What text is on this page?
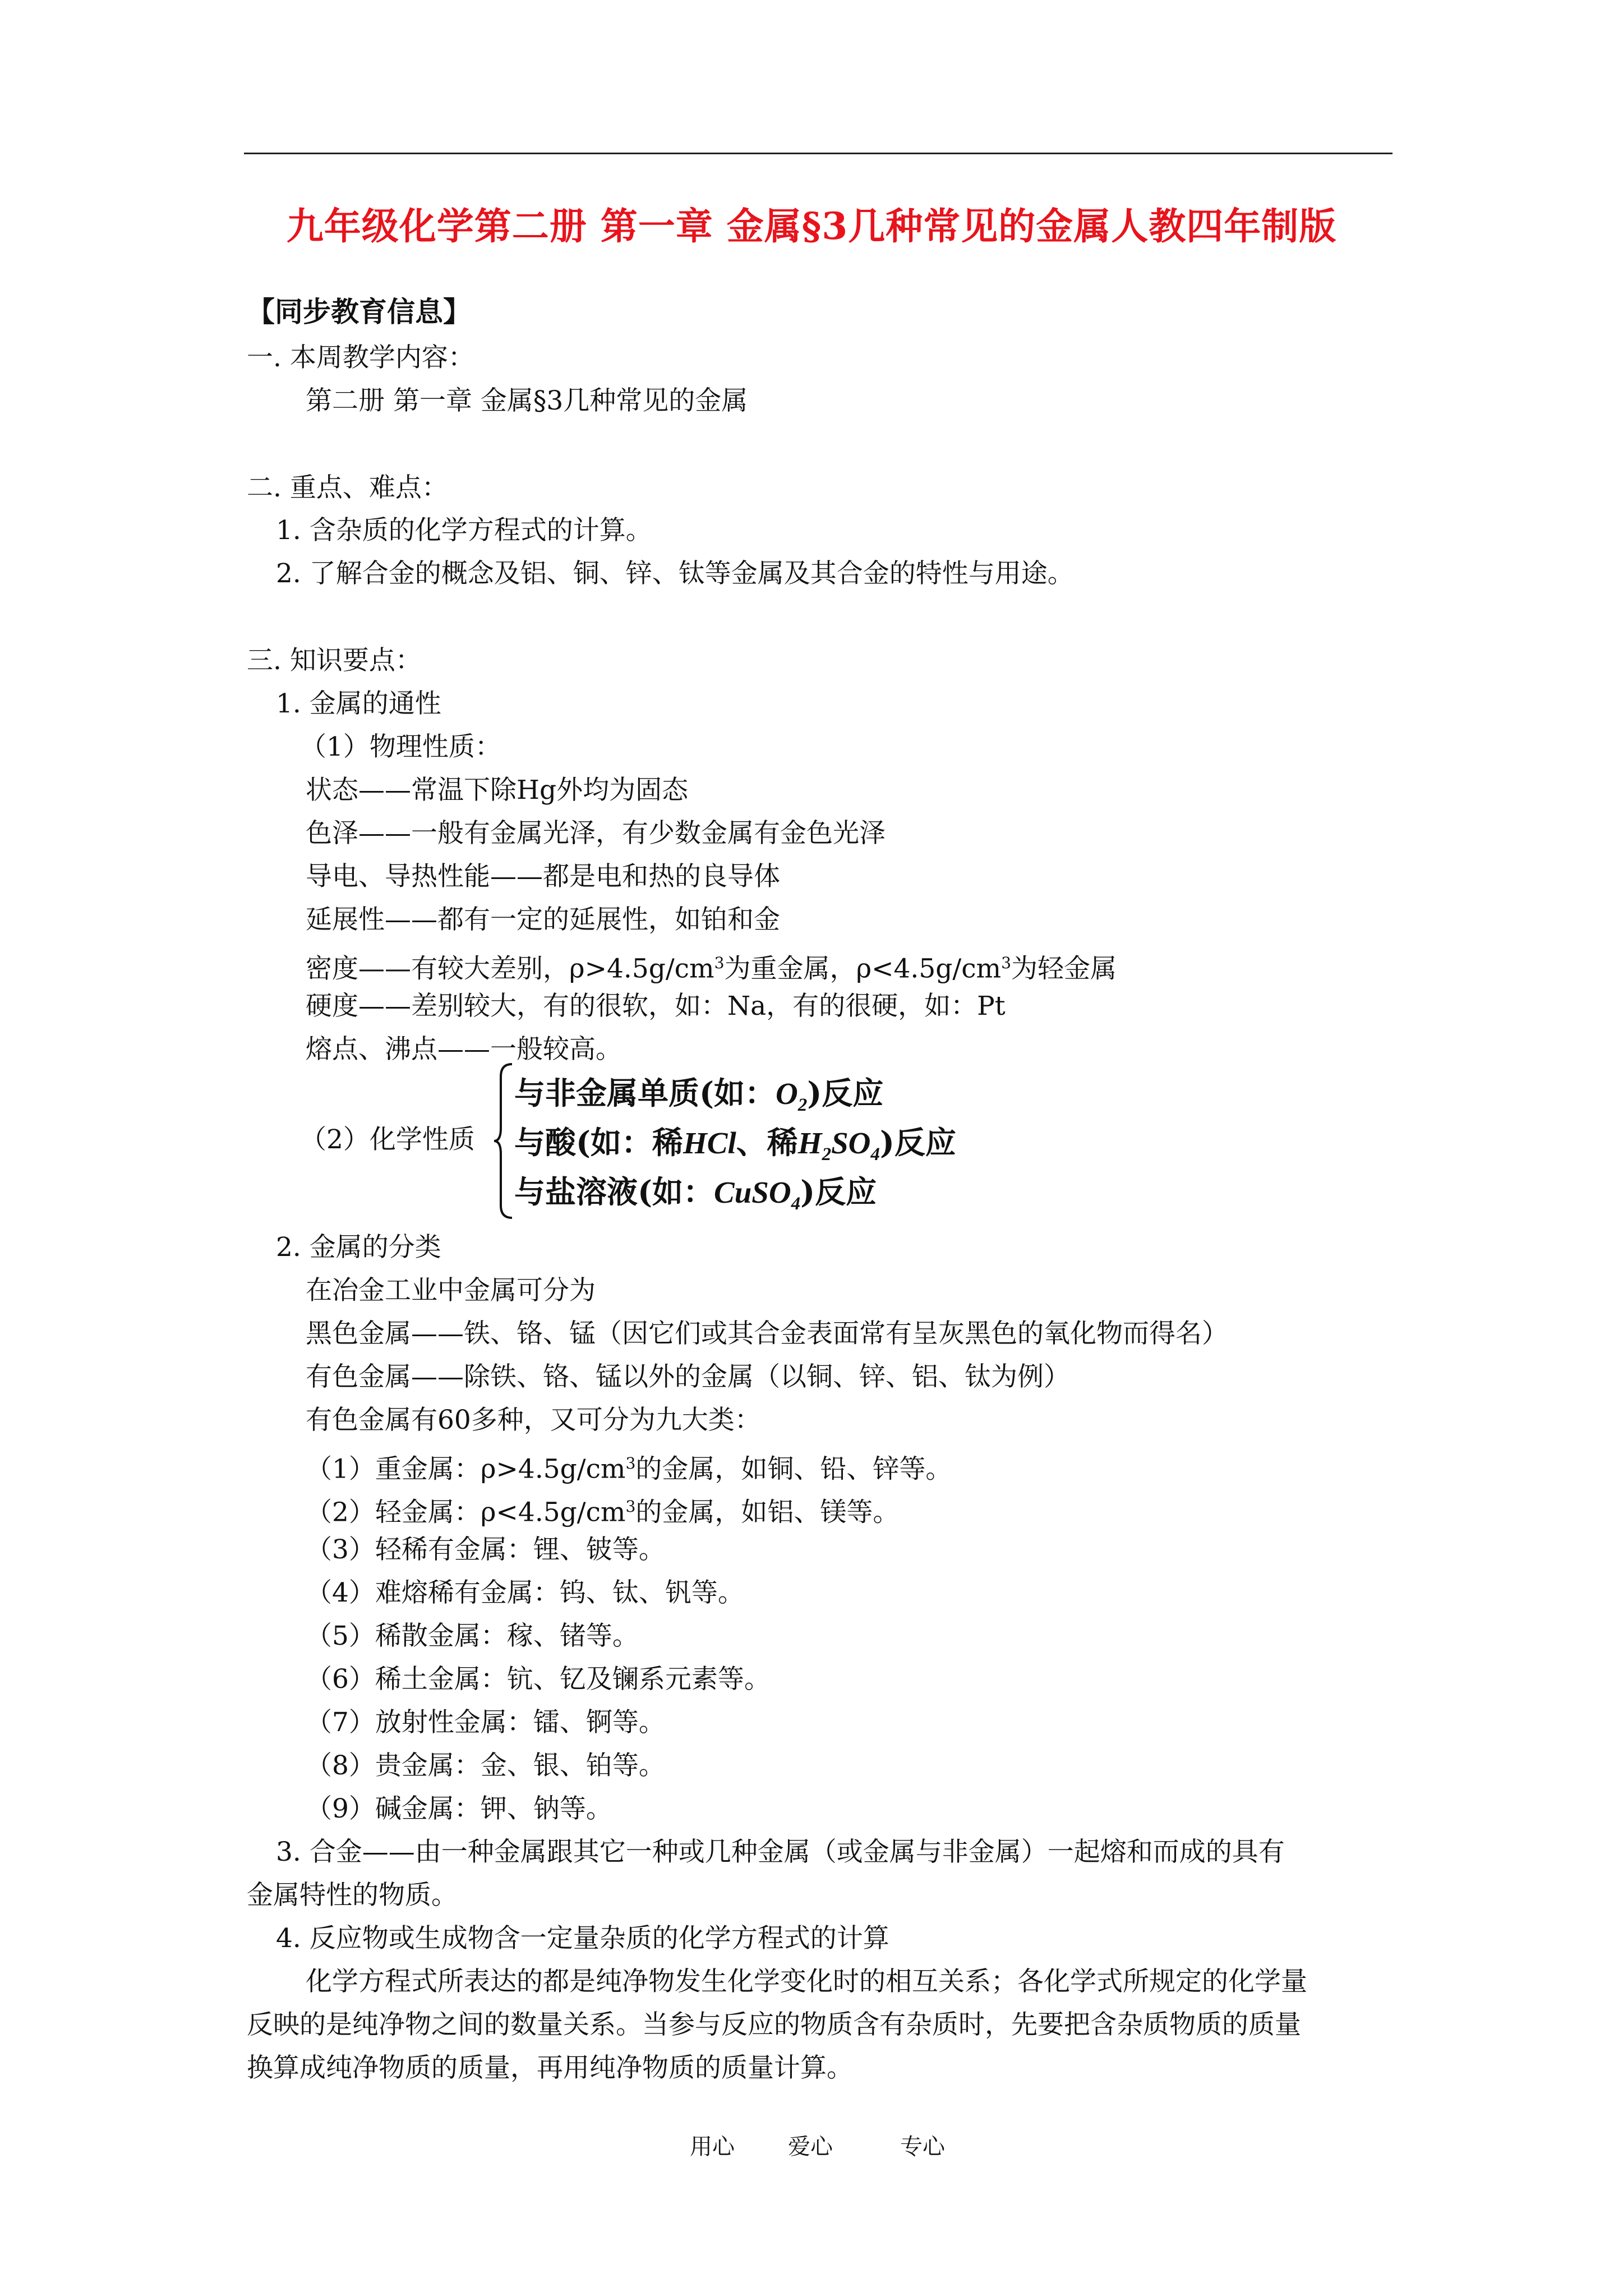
九年级化学第二册 第一章 金属§3几种常见的金属人教四年制版
【同步教育信息】
一. 本周教学内容：
第二册 第一章 金属§3几种常见的金属
二. 重点、难点：
1. 含杂质的化学方程式的计算。
2. 了解合金的概念及铝、铜、锌、钛等金属及其合金的特性与用途。
三. 知识要点：
1. 金属的通性
（1）物理性质：
状态——常温下除Hg外均为固态
色泽——一般有金属光泽，有少数金属有金色光泽
导电、导热性能——都是电和热的良导体
延展性——都有一定的延展性，如铂和金
密度——有较大差别，$\rho>4.5g/cm^3$为重金属，$\rho<4.5g/cm^3$为轻金属
硬度——差别较大，有的很软，如：Na，有的很硬，如：Pt
熔点、沸点——一般较高。
（2）化学性质
与非金属单质(如：$O_2$)反应
与酸(如：稀HCl、稀$H_2SO_4$)反应
与盐溶液(如：CuSO$_4$)反应
2. 金属的分类
在冶金工业中金属可分为
黑色金属——铁、铬、锰（因它们或其合金表面常有呈灰黑色的氧化物而得名）
有色金属——除铁、铬、锰以外的金属（以铜、锌、铝、钛为例）
有色金属有60多种，又可分为九大类：
（1）重金属：$\rho>4.5g/cm^3$的金属，如铜、铅、锌等。
（2）轻金属：$\rho<4.5g/cm^3$的金属，如铝、镁等。
（3）轻稀有金属：锂、铍等。
（4）难熔稀有金属：钨、钛、钒等。
（5）稀散金属：稼、锗等。
（6）稀土金属：钪、钇及镧系元素等。
（7）放射性金属：镭、锕等。
（8）贵金属：金、银、铂等。
（9）碱金属：钾、钠等。
3. 合金——由一种金属跟其它一种或几种金属（或金属与非金属）一起熔和而成的具有
金属特性的物质。
4. 反应物或生成物含一定量杂质的化学方程式的计算
化学方程式所表达的都是纯净物发生化学变化时的相互关系；各化学式所规定的化学量
反映的是纯净物之间的数量关系。当参与反应的物质含有杂质时，先要把含杂质物质的质量
换算成纯净物质的质量，再用纯净物质的质量计算。
用心 爱心	专心
